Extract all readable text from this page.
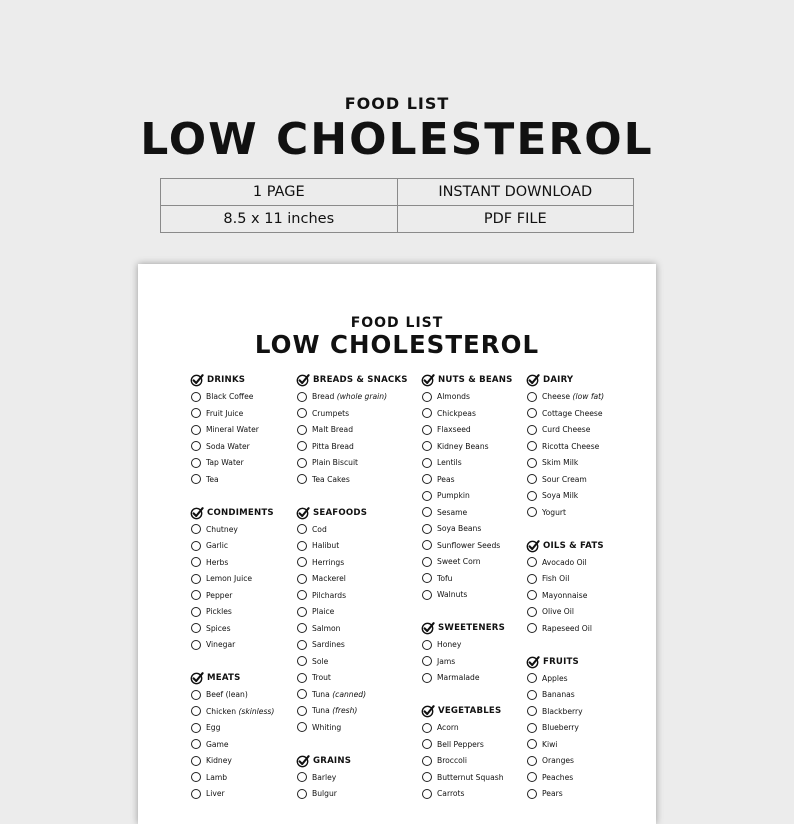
FOOD LIST
LOW CHOLESTEROL
1 PAGE	INSTANT DOWNLOAD
8.5 x 11 inches	PDF FILE
FOOD LIST
LOW CHOLESTEROL
DRINKS
Black Coffee
Fruit Juice
Mineral Water
Soda Water
Tap Water
Tea
CONDIMENTS
Chutney
Garlic
Herbs
Lemon Juice
Pepper
Pickles
Spices
Vinegar
MEATS
Beef (lean)
Chicken (skinless)
Egg
Game
Kidney
Lamb
Liver
BREADS & SNACKS
Bread (whole grain)
Crumpets
Malt Bread
Pitta Bread
Plain Biscuit
Tea Cakes
SEAFOODS
Cod
Halibut
Herrings
Mackerel
Pilchards
Plaice
Salmon
Sardines
Sole
Trout
Tuna (canned)
Tuna (fresh)
Whiting
GRAINS
Barley
Bulgur
NUTS & BEANS
Almonds
Chickpeas
Flaxseed
Kidney Beans
Lentils
Peas
Pumpkin
Sesame
Soya Beans
Sunflower Seeds
Sweet Corn
Tofu
Walnuts
SWEETENERS
Honey
Jams
Marmalade
VEGETABLES
Acorn
Bell Peppers
Broccoli
Butternut Squash
Carrots
DAIRY
Cheese (low fat)
Cottage Cheese
Curd Cheese
Ricotta Cheese
Skim Milk
Sour Cream
Soya Milk
Yogurt
OILS & FATS
Avocado Oil
Fish Oil
Mayonnaise
Olive Oil
Rapeseed Oil
FRUITS
Apples
Bananas
Blackberry
Blueberry
Kiwi
Oranges
Peaches
Pears
